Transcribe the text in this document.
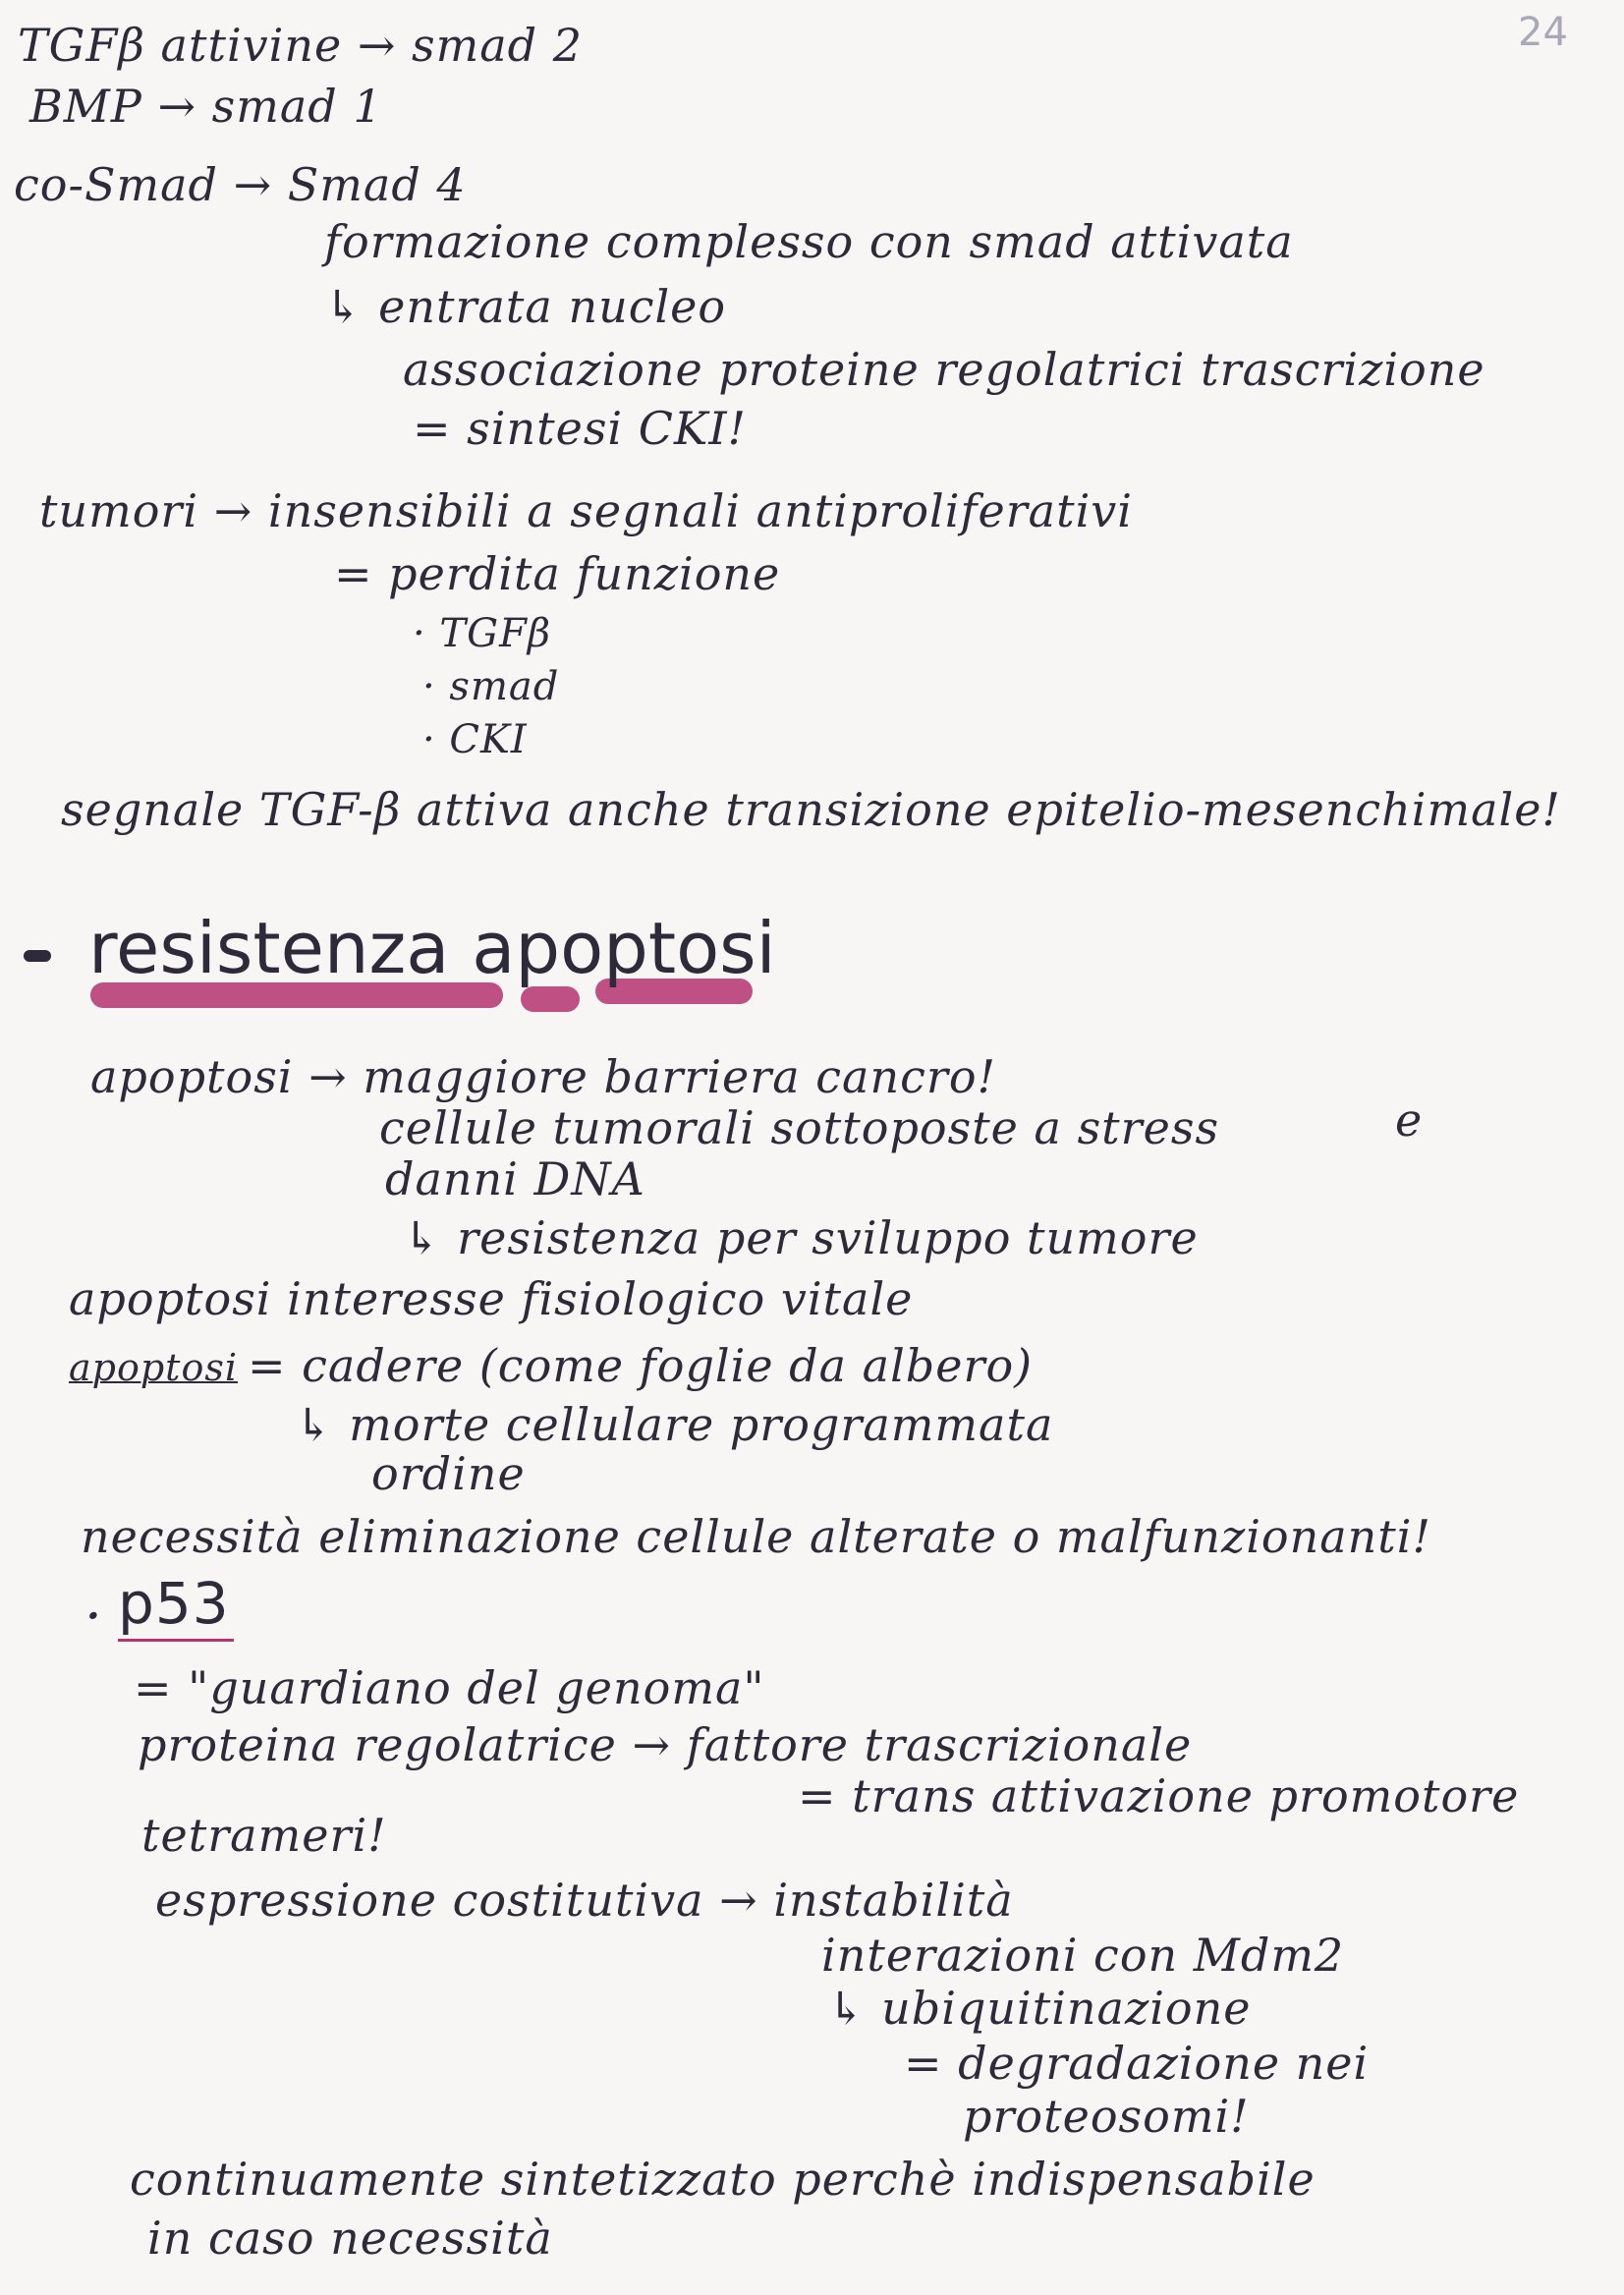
24
TGFβ attivine → smad 2
BMP → smad 1
co-Smad → Smad 4
formazione complesso con smad attivata
↳ entrata nucleo
associazione proteine regolatrici trascrizione
= sintesi CKI!
tumori → insensibili a segnali antiproliferativi
= perdita funzione
· TGFβ
· smad
· CKI
segnale TGF-β attiva anche transizione epitelio-mesenchimale!
resistenza apoptosi
apoptosi → maggiore barriera cancro!
cellule tumorali sottoposte a stress	e
danni DNA
↳ resistenza per sviluppo tumore
apoptosi interesse fisiologico vitale
apoptosi = cadere (come foglie da albero)
↳ morte cellulare programmata
ordine
necessità eliminazione cellule alterate o malfunzionanti!
· p53
= "guardiano del genoma"
proteina regolatrice → fattore trascrizionale
= trans attivazione promotore
tetrameri!
espressione costitutiva → instabilità
interazioni con Mdm2
↳ ubiquitinazione
= degradazione nei
proteosomi!
continuamente sintetizzato perchè indispensabile
in caso necessità
